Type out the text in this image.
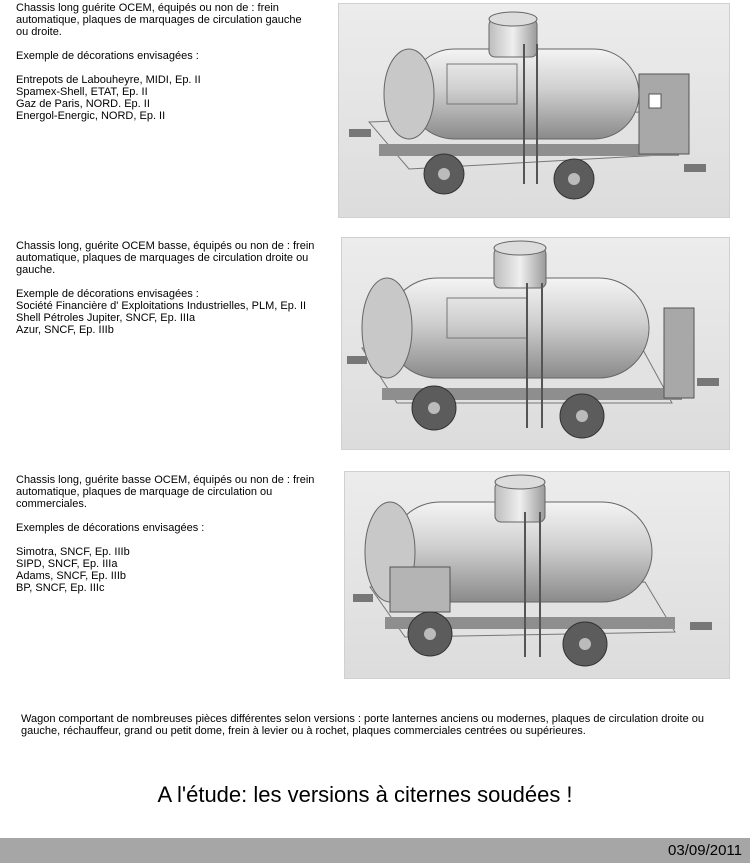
Chassis long guérite OCEM, équipés ou non de : frein automatique, plaques de marquages de circulation gauche ou droite.

Exemple de décorations envisagées :

Entrepots de Labouheyre, MIDI, Ep. II

Spamex-Shell, ETAT, Ep. II

Gaz de Paris, NORD. Ep. II

Energol-Energic, NORD, Ep. II

Chassis long, guérite OCEM basse, équipés ou non de : frein automatique, plaques de marquages de circulation droite ou gauche.

Exemple de décorations envisagées :

Société Financière d' Exploitations Industrielles, PLM, Ep. II

Shell Pétroles Jupiter, SNCF, Ep. IIIa

Azur, SNCF, Ep. IIIb

Chassis long, guérite basse OCEM, équipés ou non de : frein automatique, plaques de marquage de circulation ou commerciales.

Exemples de décorations envisagées :

Simotra, SNCF, Ep. IIIb

SIPD, SNCF, Ep. IIIa

Adams, SNCF, Ep. IIIb

BP, SNCF, Ep. IIIc

Wagon comportant de nombreuses pièces différentes selon versions : porte lanternes anciens ou modernes, plaques de circulation droite ou gauche, réchauffeur, grand ou petit dome, frein à levier ou à rochet, plaques commerciales centrées ou supérieures.
A l'étude: les versions à citernes soudées !
03/09/2011
